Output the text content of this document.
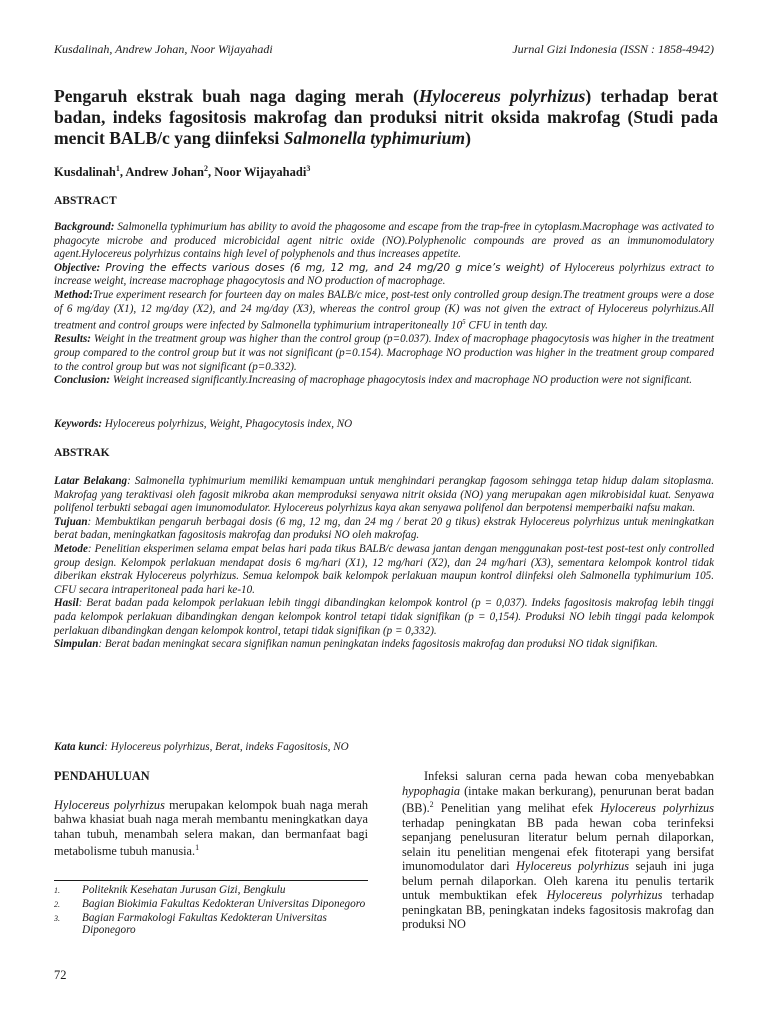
Kusdalinah, Andrew Johan, Noor Wijayahadi	Jurnal Gizi Indonesia (ISSN : 1858-4942)
Pengaruh ekstrak buah naga daging merah (Hylocereus polyrhizus) terhadap berat badan, indeks fagositosis makrofag dan produksi nitrit oksida makrofag (Studi pada mencit BALB/c yang diinfeksi Salmonella typhimurium)
Kusdalinah$^1$, Andrew Johan$^2$, Noor Wijayahadi$^3$
ABSTRACT

Background: Salmonella typhimurium has ability to avoid the phagosome and escape from the trap-free in cytoplasm.Macrophage was activated to phagocyte microbe and produced microbicidal agent nitric oxide (NO).Polyphenolic compounds are proved as an immunomodulatory agent.Hylocereus polyrhizus contains high level of polyphenols and thus increases appetite.

Objective: Proving the effects various doses (6 mg, 12 mg, and 24 mg/20 g mice’s weight) of Hylocereus polyrhizus extract to increase weight, increase macrophage phagocytosis and NO production of macrophage.

Method:True experiment research for fourteen day on males BALB/c mice, post-test only controlled group design.The treatment groups were a dose of 6 mg/day (X1), 12 mg/day (X2), and 24 mg/day (X3), whereas the control group (K) was not given the extract of Hylocereus polyrhizus.All treatment and control groups were infected by Salmonella typhimurium intraperitoneally $10^5$ CFU in tenth day.

Results: Weight in the treatment group was higher than the control group (p=0.037). Index of macrophage phagocytosis was higher in the treatment group compared to the control group but it was not significant (p=0.154). Macrophage NO production was higher in the treatment group compared to the control group but was not significant (p=0.332).

Conclusion: Weight increased significantly.Increasing of macrophage phagocytosis index and macrophage NO production were not significant.

Keywords: Hylocereus polyrhizus, Weight, Phagocytosis index, NO
ABSTRAK

Latar Belakang: Salmonella typhimurium memiliki kemampuan untuk menghindari perangkap fagosom sehingga tetap hidup dalam sitoplasma. Makrofag yang teraktivasi oleh fagosit mikroba akan memproduksi senyawa nitrit oksida (NO) yang merupakan agen mikrobisidal kuat. Senyawa polifenol terbukti sebagai agen imunomodulator. Hylocereus polyrhizus kaya akan senyawa polifenol dan berpotensi memperbaiki nafsu makan.

Tujuan: Membuktikan pengaruh berbagai dosis (6 mg, 12 mg, dan 24 mg / berat 20 g tikus) ekstrak Hylocereus polyrhizus untuk meningkatkan berat badan, meningkatkan fagositosis makrofag dan produksi NO oleh makrofag.

Metode: Penelitian eksperimen selama empat belas hari pada tikus BALB/c dewasa jantan dengan menggunakan post-test post-test only controlled group design. Kelompok perlakuan mendapat dosis 6 mg/hari (X1), 12 mg/hari (X2), dan 24 mg/hari (X3), sementara kelompok kontrol tidak diberikan ekstrak Hylocereus polyrhizus. Semua kelompok baik kelompok perlakuan maupun kontrol diinfeksi oleh Salmonella typhimurium 105. CFU secara intraperitoneal pada hari ke-10.

Hasil: Berat badan pada kelompok perlakuan lebih tinggi dibandingkan kelompok kontrol (p = 0,037). Indeks fagositosis makrofag lebih tinggi pada kelompok perlakuan dibandingkan dengan kelompok kontrol tetapi tidak signifikan (p = 0,154). Produksi NO lebih tinggi pada kelompok perlakuan dibandingkan dengan kelompok kontrol, tetapi tidak signifikan (p = 0,332).

Simpulan: Berat badan meningkat secara signifikan namun peningkatan indeks fagositosis makrofag dan produksi NO tidak signifikan.

Kata kunci: Hylocereus polyrhizus, Berat, indeks Fagositosis, NO
PENDAHULUAN

Hylocereus polyrhizus merupakan kelompok buah naga merah bahwa khasiat buah naga merah membantu meningkatkan daya tahan tubuh, menambah selera makan, dan bermanfaat bagi metabolisme tubuh manusia.$^1$

1.	Politeknik Kesehatan Jurusan Gizi, Bengkulu
2.	Bagian Biokimia Fakultas Kedokteran Universitas Diponegoro
3.	Bagian Farmakologi Fakultas Kedokteran Universitas Diponegoro

Infeksi saluran cerna pada hewan coba menyebabkan hypophagia (intake makan berkurang), penurunan berat badan (BB).$^2$ Penelitian yang melihat efek Hylocereus polyrhizus terhadap peningkatan BB pada hewan coba terinfeksi sepanjang penelusuran literatur belum pernah dilaporkan, selain itu penelitian mengenai efek fitoterapi yang bersifat imunomodulator dari Hylocereus polyrhizus sejauh ini juga belum pernah dilaporkan. Oleh karena itu penulis tertarik untuk membuktikan efek Hylocereus polyrhizus terhadap peningkatan BB, peningkatan indeks fagositosis makrofag dan produksi NO

72
